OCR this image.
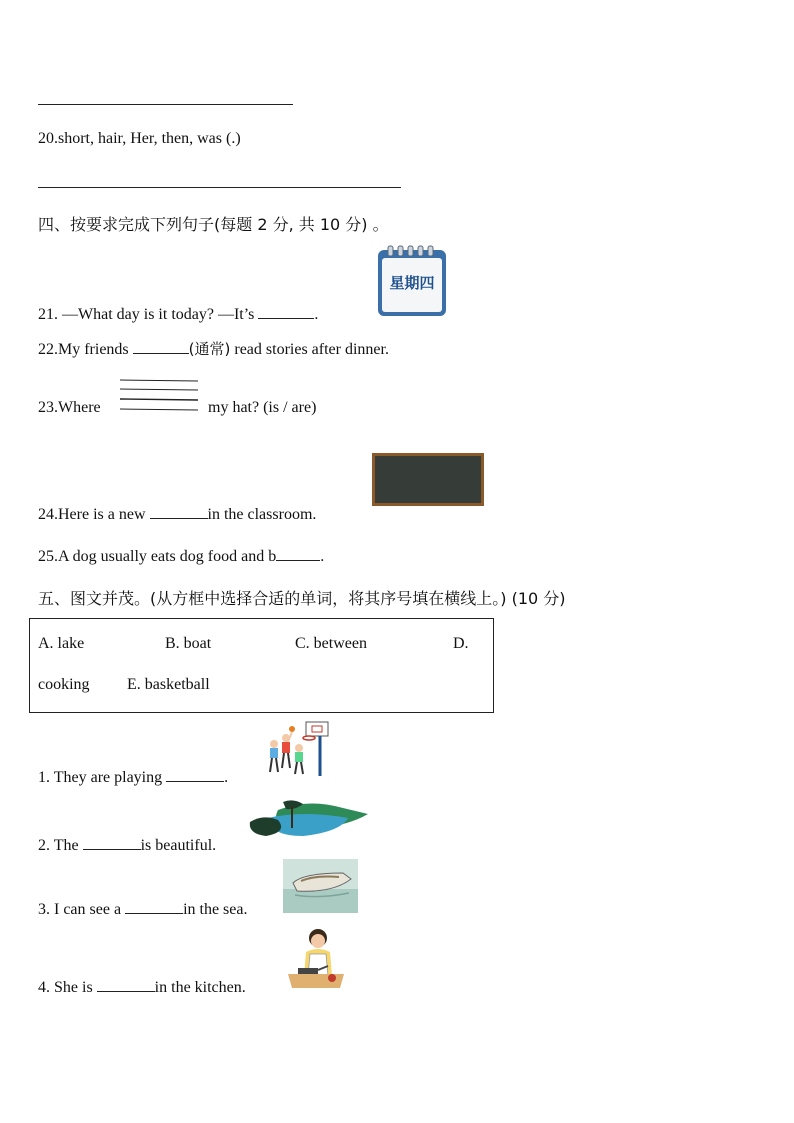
20.short, hair, Her, then, was (.)
四、按要求完成下列句子(每题 2 分, 共 10 分) 。
星期四
21. —What day is it today? —It’s	.
22.My friends	(通常) read stories after dinner.
23.Where	my hat? (is / are)
24.Here is a new	in the classroom.
25.A dog usually eats dog food and b	.
五、图文并茂。(从方框中选择合适的单词，将其序号填在横线上。) (10 分)
A. lake	B. boat	C. between	D.
cooking E. basketball
1. They are playing	.
2. The	is beautiful.
3. I can see a	in the sea.
4. She is	in the kitchen.
